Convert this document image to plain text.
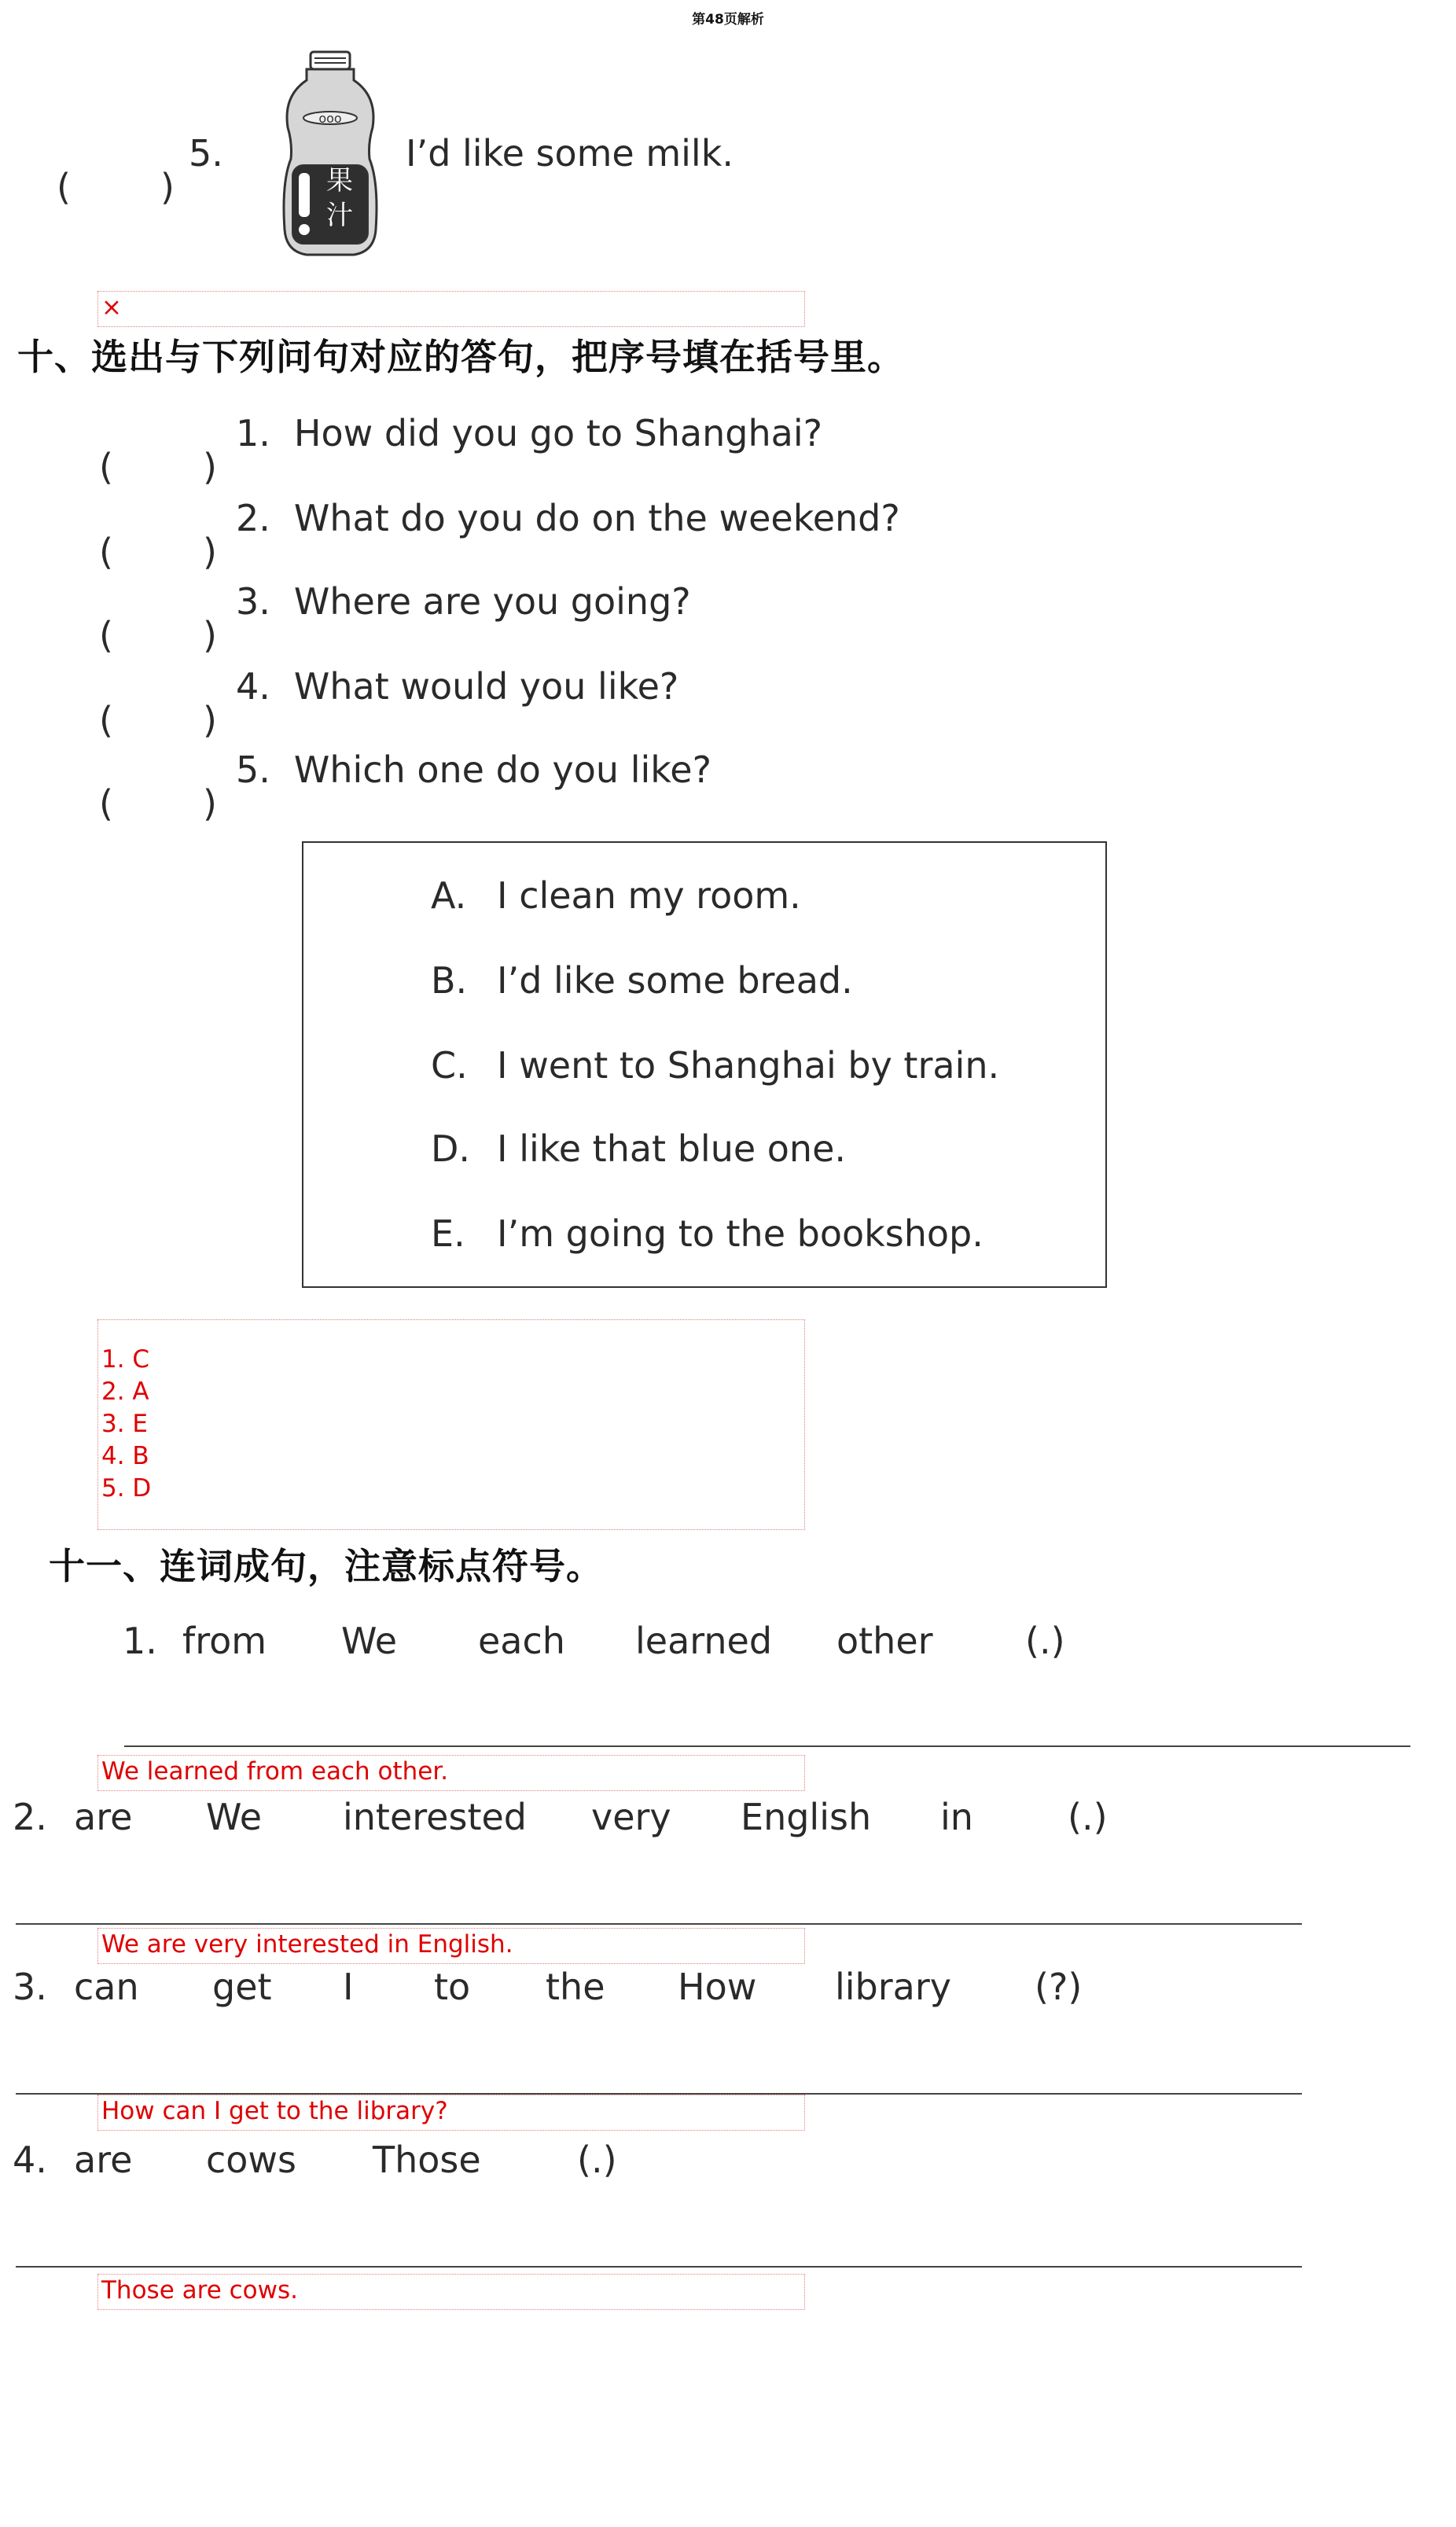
第48页解析
( )
5.
ooo
果汁
I’d like some milk.
×
十、选出与下列问句对应的答句，把序号填在括号里。
( )
1. How did you go to Shanghai?
( )
2. What do you do on the weekend?
( )
3. Where are you going?
( )
4. What would you like?
( )
5. Which one do you like?
A. I clean my room.
B. I’d like some bread.
C. I went to Shanghai by train.
D. I like that blue one.
E. I’m going to the bookshop.
1. C
2. A
3. E
4. B
5. D
十一、连词成句，注意标点符号。
1. from We each learned other	(.)
We learned from each other.
2. are We interested very English in	(.)
We are very interested in English.
3. can get I to the How library (?)
How can I get to the library?
4. are cows Those	(.)
Those are cows.
